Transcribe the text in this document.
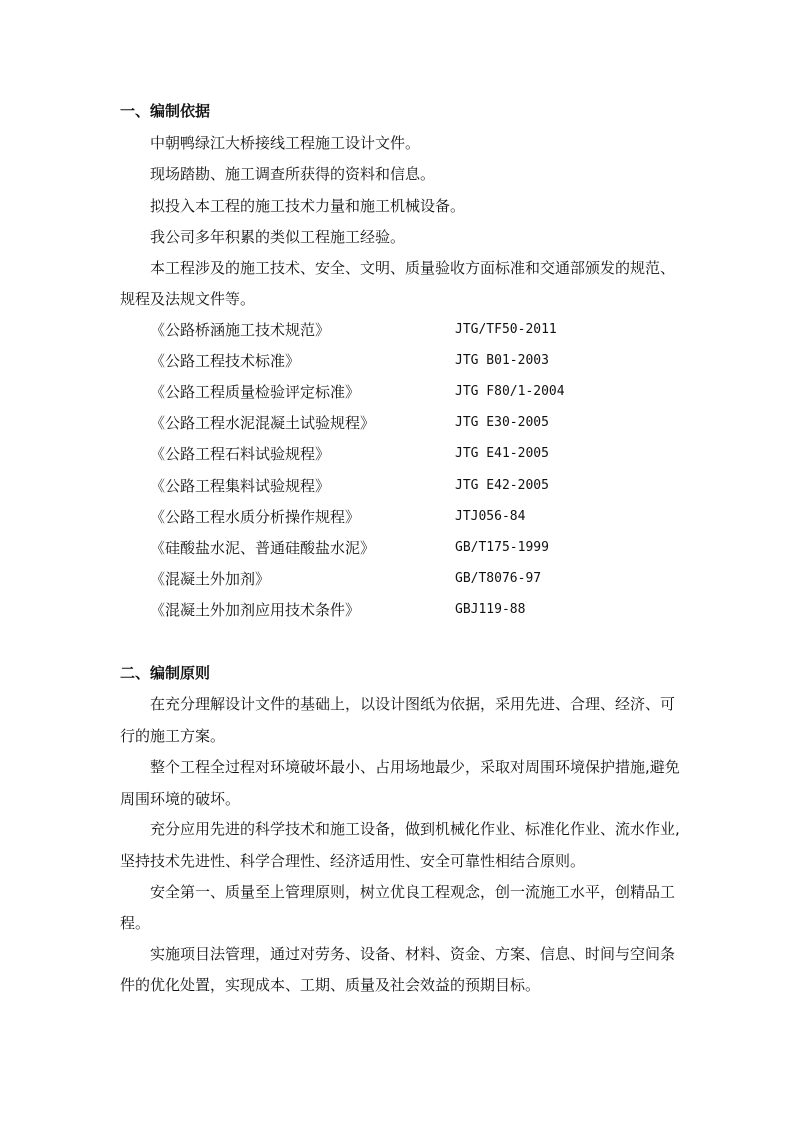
一、编制依据
中朝鸭绿江大桥接线工程施工设计文件。
现场踏勘、施工调查所获得的资料和信息。
拟投入本工程的施工技术力量和施工机械设备。
我公司多年积累的类似工程施工经验。
本工程涉及的施工技术、安全、文明、质量验收方面标准和交通部颁发的规范、
规程及法规文件等。
《公路桥涵施工技术规范》	JTG/TF50-2011
《公路工程技术标准》	JTG B01-2003
《公路工程质量检验评定标准》	JTG F80/1-2004
《公路工程水泥混凝土试验规程》	JTG E30-2005
《公路工程石料试验规程》	JTG E41-2005
《公路工程集料试验规程》	JTG E42-2005
《公路工程水质分析操作规程》	JTJ056-84
《硅酸盐水泥、普通硅酸盐水泥》	GB/T175-1999
《混凝土外加剂》	GB/T8076-97
《混凝土外加剂应用技术条件》	GBJ119-88
二、编制原则
在充分理解设计文件的基础上，以设计图纸为依据，采用先进、合理、经济、可
行的施工方案。
整个工程全过程对环境破坏最小、占用场地最少，采取对周围环境保护措施,避免
周围环境的破坏。
充分应用先进的科学技术和施工设备，做到机械化作业、标准化作业、流水作业,
坚持技术先进性、科学合理性、经济适用性、安全可靠性相结合原则。
安全第一、质量至上管理原则，树立优良工程观念，创一流施工水平，创精品工
程。
实施项目法管理，通过对劳务、设备、材料、资金、方案、信息、时间与空间条
件的优化处置，实现成本、工期、质量及社会效益的预期目标。
